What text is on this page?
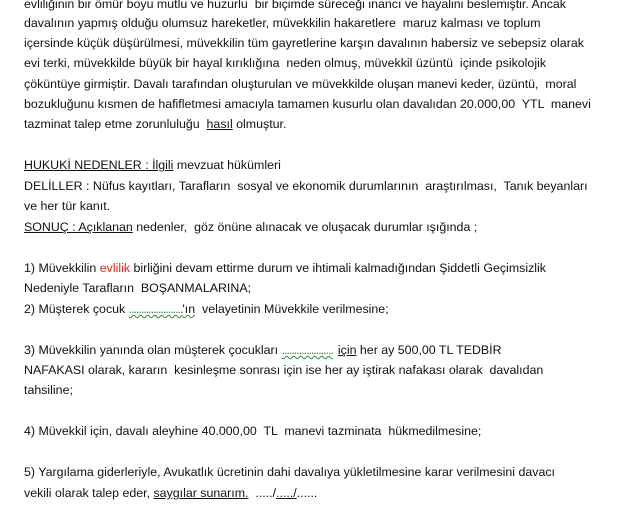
evliliğinin bir ömür boyu mutlu ve huzurlu  bir biçimde süreceği inancı ve hayalini beslemiştir. Ancak
davalının yapmış olduğu olumsuz hareketler, müvekkilin hakaretlere  maruz kalması ve toplum
içersinde küçük düşürülmesi, müvekkilin tüm gayretlerine karşın davalının habersiz ve sebepsiz olarak
evi terki, müvekkilde büyük bir hayal kırıklığına  neden olmuş, müvekkil üzüntü  içinde psikolojik
çöküntüye girmiştir. Davalı tarafından oluşturulan ve müvekkilde oluşan manevi keder, üzüntü,  moral
bozukluğunu kısmen de hafifletmesi amacıyla tamamen kusurlu olan davalıdan 20.000,00  YTL  manevi
tazminat talep etme zorunluluğu  hasıl olmuştur.
HUKUKİ NEDENLER : İlgili mevzuat hükümleri
DELİLLER : Nüfus kayıtları, Tarafların  sosyal ve ekonomik durumlarının  araştırılması,  Tanık beyanları
ve her tür kanıt.
SONUÇ : Açıklanan nedenler,  göz önüne alınacak ve oluşacak durumlar ışığında ;
1) Müvekkilin evlilik birliğini devam ettirme durum ve ihtimali kalmadığından Şiddetli Geçimsizlik
Nedeniyle Tarafların  BOŞANMALARINA;
2) Müşterek çocuk ......................'ın  velayetinin Müvekkile verilmesine;
3) Müvekkilin yanında olan müşterek çocukları ..................... için her ay 500,00 TL TEDBİR
NAFAKASI olarak, kararın  kesinleşme sonrası için ise her ay iştirak nafakası olarak  davalıdan
tahsiline;
4) Müvekkil için, davalı aleyhine 40.000,00  TL  manevi tazminata  hükmedilmesine;
5) Yargılama giderleriyle, Avukatlık ücretinin dahi davalıya yükletilmesine karar verilmesini davacı
vekili olarak talep eder, saygılar sunarım.  ...../...../......
